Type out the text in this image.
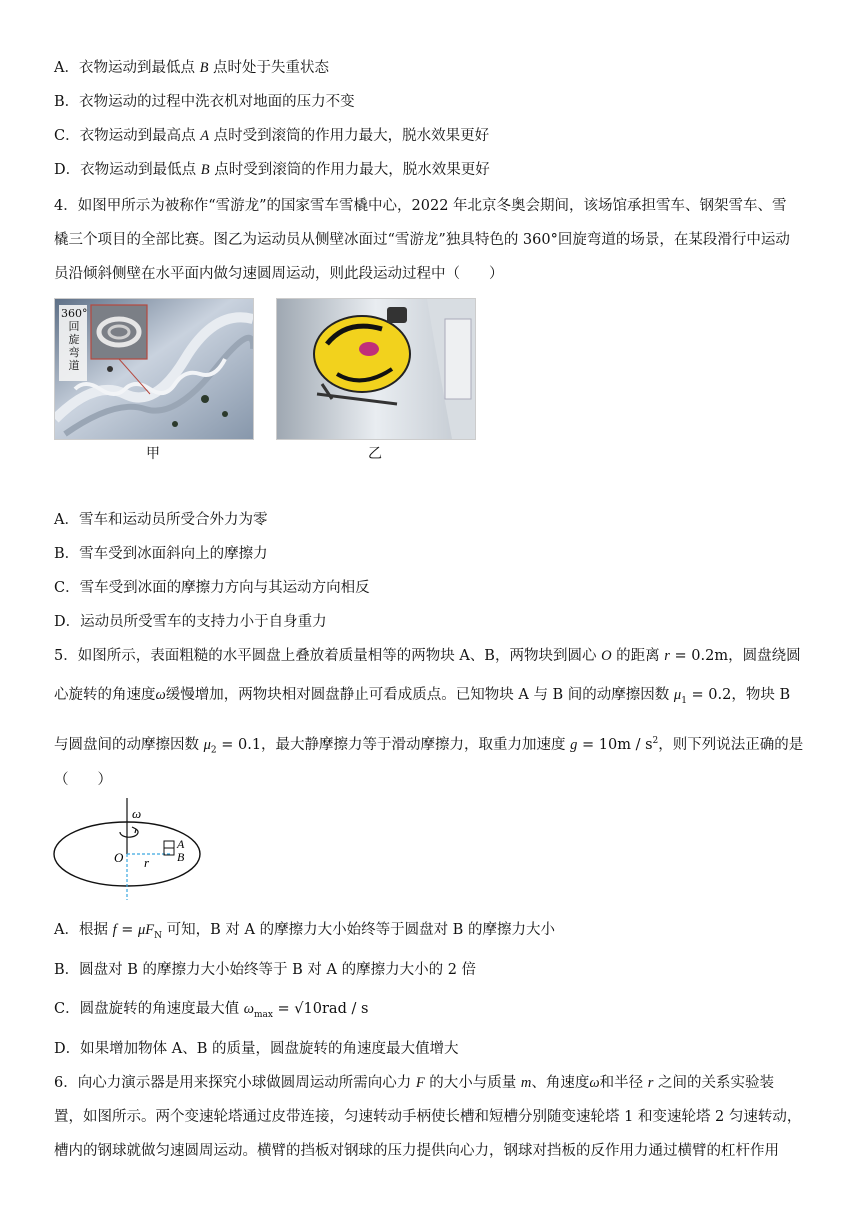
A．衣物运动到最低点 B 点时处于失重状态
B．衣物运动的过程中洗衣机对地面的压力不变
C．衣物运动到最高点 A 点时受到滚筒的作用力最大，脱水效果更好
D．衣物运动到最低点 B 点时受到滚筒的作用力最大，脱水效果更好
4．如图甲所示为被称作“雪游龙”的国家雪车雪橇中心，2022 年北京冬奥会期间，该场馆承担雪车、钢架雪车、雪
橇三个项目的全部比赛。图乙为运动员从侧壁冰面过“雪游龙”独具特色的 360°回旋弯道的场景，在某段滑行中运动
员沿倾斜侧壁在水平面内做匀速圆周运动，则此段运动过程中（　　）
360°
回
旋
弯
道
甲	乙
A．雪车和运动员所受合外力为零
B．雪车受到冰面斜向上的摩擦力
C．雪车受到冰面的摩擦力方向与其运动方向相反
D．运动员所受雪车的支持力小于自身重力
5．如图所示，表面粗糙的水平圆盘上叠放着质量相等的两物块 A、B，两物块到圆心 O 的距离 r = 0.2m，圆盘绕圆
心旋转的角速度ω缓慢增加，两物块相对圆盘静止可看成质点。已知物块 A 与 B 间的动摩擦因数 $\mu_1 = 0.2$，物块 B
与圆盘间的动摩擦因数 $\mu_2 = 0.1$，最大静摩擦力等于滑动摩擦力，取重力加速度 $g = 10m / s^2$，则下列说法正确的是
（　　）
ω
O r
A
B
A．根据 $f = \mu F_N$ 可知，B 对 A 的摩擦力大小始终等于圆盘对 B 的摩擦力大小
B．圆盘对 B 的摩擦力大小始终等于 B 对 A 的摩擦力大小的 2 倍
C．圆盘旋转的角速度最大值 $\omega_{max} = √10rad / s$
D．如果增加物体 A、B 的质量，圆盘旋转的角速度最大值增大
6．向心力演示器是用来探究小球做圆周运动所需向心力 F 的大小与质量 m、角速度ω和半径 r 之间的关系实验装
置，如图所示。两个变速轮塔通过皮带连接，匀速转动手柄使长槽和短槽分别随变速轮塔 1 和变速轮塔 2 匀速转动，
槽内的钢球就做匀速圆周运动。横臂的挡板对钢球的压力提供向心力，钢球对挡板的反作用力通过横臂的杠杆作用
